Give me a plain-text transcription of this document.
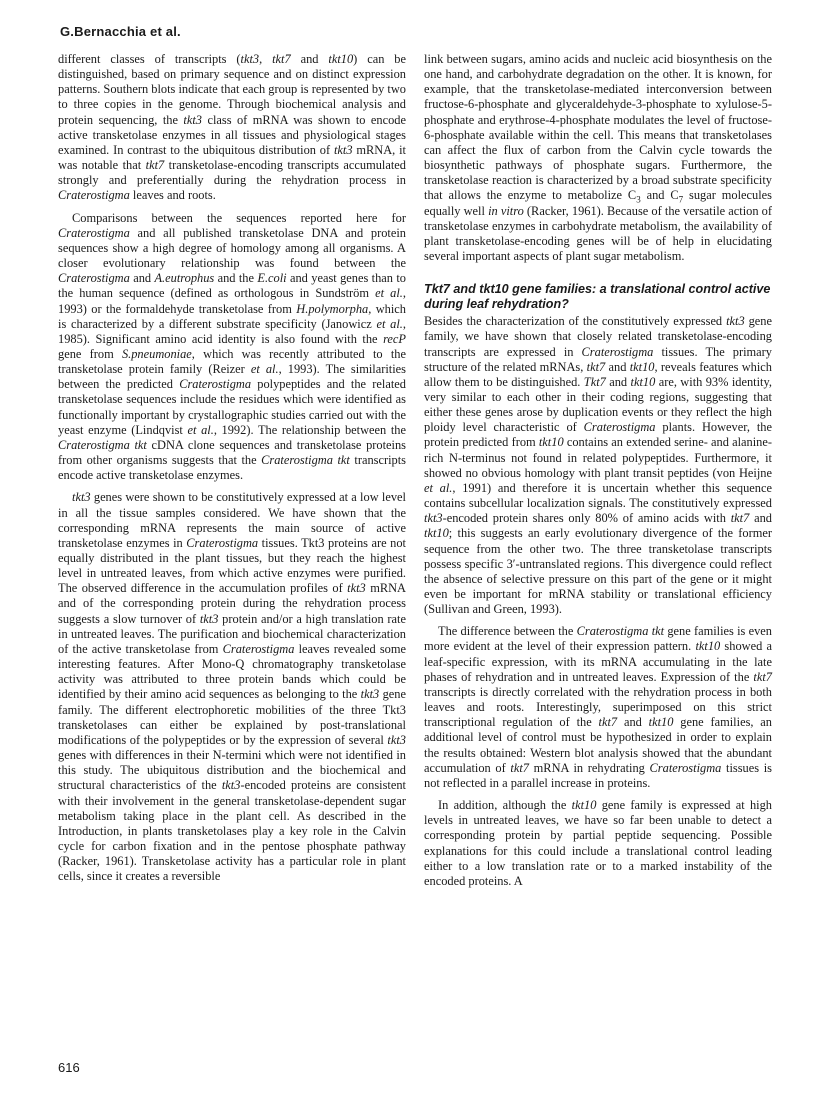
G.Bernacchia et al.

different classes of transcripts (tkt3, tkt7 and tkt10) can be distinguished, based on primary sequence and on distinct expression patterns. Southern blots indicate that each group is represented by two to three copies in the genome. Through biochemical analysis and protein sequencing, the tkt3 class of mRNA was shown to encode active transketolase enzymes in all tissues and physiological stages examined. In contrast to the ubiquitous distribution of tkt3 mRNA, it was notable that tkt7 transketolase-encoding transcripts accumulated strongly and preferentially during the rehydration process in Craterostigma leaves and roots.

Comparisons between the sequences reported here for Craterostigma and all published transketolase DNA and protein sequences show a high degree of homology among all organisms. A closer evolutionary relationship was found between the Craterostigma and A.eutrophus and the E.coli and yeast genes than to the human sequence (defined as orthologous in Sundström et al., 1993) or the formaldehyde transketolase from H.polymorpha, which is characterized by a different substrate specificity (Janowicz et al., 1985). Significant amino acid identity is also found with the recP gene from S.pneumoniae, which was recently attributed to the transketolase protein family (Reizer et al., 1993). The similarities between the predicted Craterostigma polypeptides and the related transketolase sequences include the residues which were identified as functionally important by crystallographic studies carried out with the yeast enzyme (Lindqvist et al., 1992). The relationship between the Craterostigma tkt cDNA clone sequences and transketolase proteins from other organisms suggests that the Craterostigma tkt transcripts encode active transketolase enzymes.

tkt3 genes were shown to be constitutively expressed at a low level in all the tissue samples considered. We have shown that the corresponding mRNA represents the main source of active transketolase enzymes in Craterostigma tissues. Tkt3 proteins are not equally distributed in the plant tissues, but they reach the highest level in untreated leaves, from which active enzymes were purified. The observed difference in the accumulation profiles of tkt3 mRNA and of the corresponding protein during the rehydration process suggests a slow turnover of tkt3 protein and/or a high translation rate in untreated leaves. The purification and biochemical characterization of the active transketolase from Craterostigma leaves revealed some interesting features. After Mono-Q chromatography transketolase activity was attributed to three protein bands which could be identified by their amino acid sequences as belonging to the tkt3 gene family. The different electrophoretic mobilities of the three Tkt3 transketolases can either be explained by post-translational modifications of the polypeptides or by the expression of several tkt3 genes with differences in their N-termini which were not identified in this study. The ubiquitous distribution and the biochemical and structural characteristics of the tkt3-encoded proteins are consistent with their involvement in the general transketolase-dependent sugar metabolism taking place in the plant cell. As described in the Introduction, in plants transketolases play a key role in the Calvin cycle for carbon fixation and in the pentose phosphate pathway (Racker, 1961). Transketolase activity has a particular role in plant cells, since it creates a reversible

link between sugars, amino acids and nucleic acid biosynthesis on the one hand, and carbohydrate degradation on the other. It is known, for example, that the transketolase-mediated interconversion between fructose-6-phosphate and glyceraldehyde-3-phosphate to xylulose-5-phosphate and erythrose-4-phosphate modulates the level of fructose-6-phosphate available within the cell. This means that transketolases can affect the flux of carbon from the Calvin cycle towards the biosynthetic pathways of phosphate sugars. Furthermore, the transketolase reaction is characterized by a broad substrate specificity that allows the enzyme to metabolize $C_3$ and $C_7$ sugar molecules equally well in vitro (Racker, 1961). Because of the versatile action of transketolase enzymes in carbohydrate metabolism, the availability of plant transketolase-encoding genes will be of help in elucidating several important aspects of plant sugar metabolism.

Tkt7 and tkt10 gene families: a translational control active during leaf rehydration?

Besides the characterization of the constitutively expressed tkt3 gene family, we have shown that closely related transketolase-encoding transcripts are expressed in Craterostigma tissues. The primary structure of the related mRNAs, tkt7 and tkt10, reveals features which allow them to be distinguished. Tkt7 and tkt10 are, with 93% identity, very similar to each other in their coding regions, suggesting that either these genes arose by duplication events or they reflect the high ploidy level characteristic of Craterostigma plants. However, the protein predicted from tkt10 contains an extended serine- and alanine-rich N-terminus not found in related polypeptides. Furthermore, it showed no obvious homology with plant transit peptides (von Heijne et al., 1991) and therefore it is uncertain whether this sequence contains subcellular localization signals. The constitutively expressed tkt3-encoded protein shares only 80% of amino acids with tkt7 and tkt10; this suggests an early evolutionary divergence of the former sequence from the other two. The three transketolase transcripts possess specific 3′-untranslated regions. This divergence could reflect the absence of selective pressure on this part of the gene or it might even be important for mRNA stability or translational efficiency (Sullivan and Green, 1993).

The difference between the Craterostigma tkt gene families is even more evident at the level of their expression pattern. tkt10 showed a leaf-specific expression, with its mRNA accumulating in the late phases of rehydration and in untreated leaves. Expression of the tkt7 transcripts is directly correlated with the rehydration process in both leaves and roots. Interestingly, superimposed on this strict transcriptional regulation of the tkt7 and tkt10 gene families, an additional level of control must be hypothesized in order to explain the results obtained: Western blot analysis showed that the abundant accumulation of tkt7 mRNA in rehydrating Craterostigma tissues is not reflected in a parallel increase in proteins.

In addition, although the tkt10 gene family is expressed at high levels in untreated leaves, we have so far been unable to detect a corresponding protein by partial peptide sequencing. Possible explanations for this could include a translational control leading either to a low translation rate or to a marked instability of the encoded proteins. A

616
